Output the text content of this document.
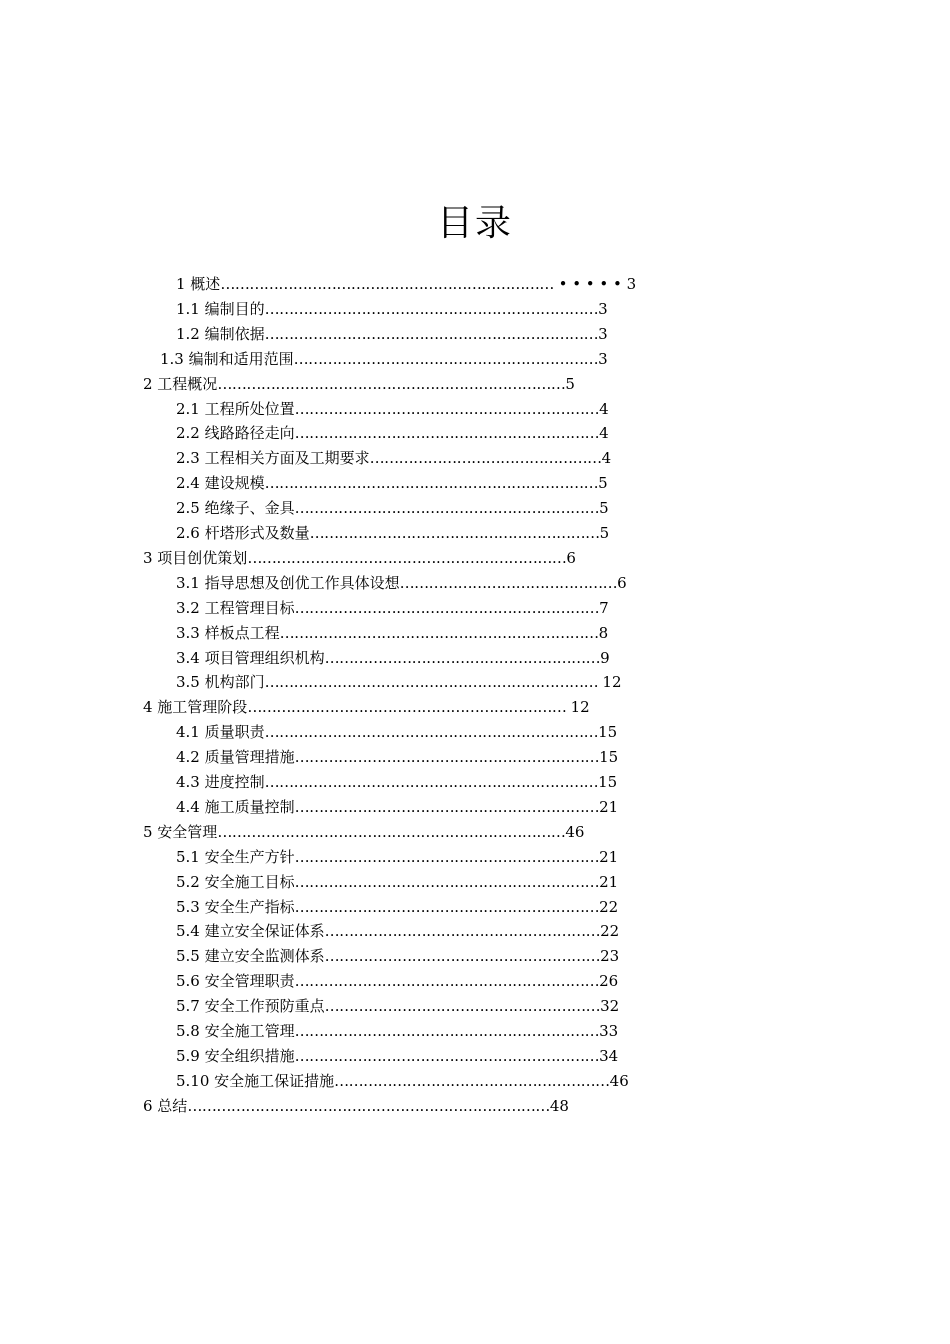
目录
1 概述…………………………………………………………… • • • • • 3
1.1 编制目的……………………………………………………………3
1.2 编制依据……………………………………………………………3
1.3 编制和适用范围………………………………………………………3
2 工程概况………………………………………………………………5
2.1 工程所处位置………………………………………………………4
2.2 线路路径走向………………………………………………………4
2.3 工程相关方面及工期要求…………………………………………4
2.4 建设规模……………………………………………………………5
2.5 绝缘子、金具………………………………………………………5
2.6 杆塔形式及数量……………………………………………………5
3 项目创优策划…………………………………………………………6
3.1 指导思想及创优工作具体设想………………………………………6
3.2 工程管理目标………………………………………………………7
3.3 样板点工程…………………………………………………………8
3.4 项目管理组织机构…………………………………………………9
3.5 机构部门…………………………………………………………… 12
4 施工管理阶段………………………………………………………… 12
4.1 质量职责……………………………………………………………15
4.2 质量管理措施………………………………………………………15
4.3 进度控制……………………………………………………………15
4.4 施工质量控制………………………………………………………21
5 安全管理………………………………………………………………46
5.1 安全生产方针………………………………………………………21
5.2 安全施工目标………………………………………………………21
5.3 安全生产指标………………………………………………………22
5.4 建立安全保证体系…………………………………………………22
5.5 建立安全监测体系…………………………………………………23
5.6 安全管理职责………………………………………………………26
5.7 安全工作预防重点…………………………………………………32
5.8 安全施工管理………………………………………………………33
5.9 安全组织措施………………………………………………………34
5.10 安全施工保证措施…………………………………………………46
6 总结…………………………………………………………………48
